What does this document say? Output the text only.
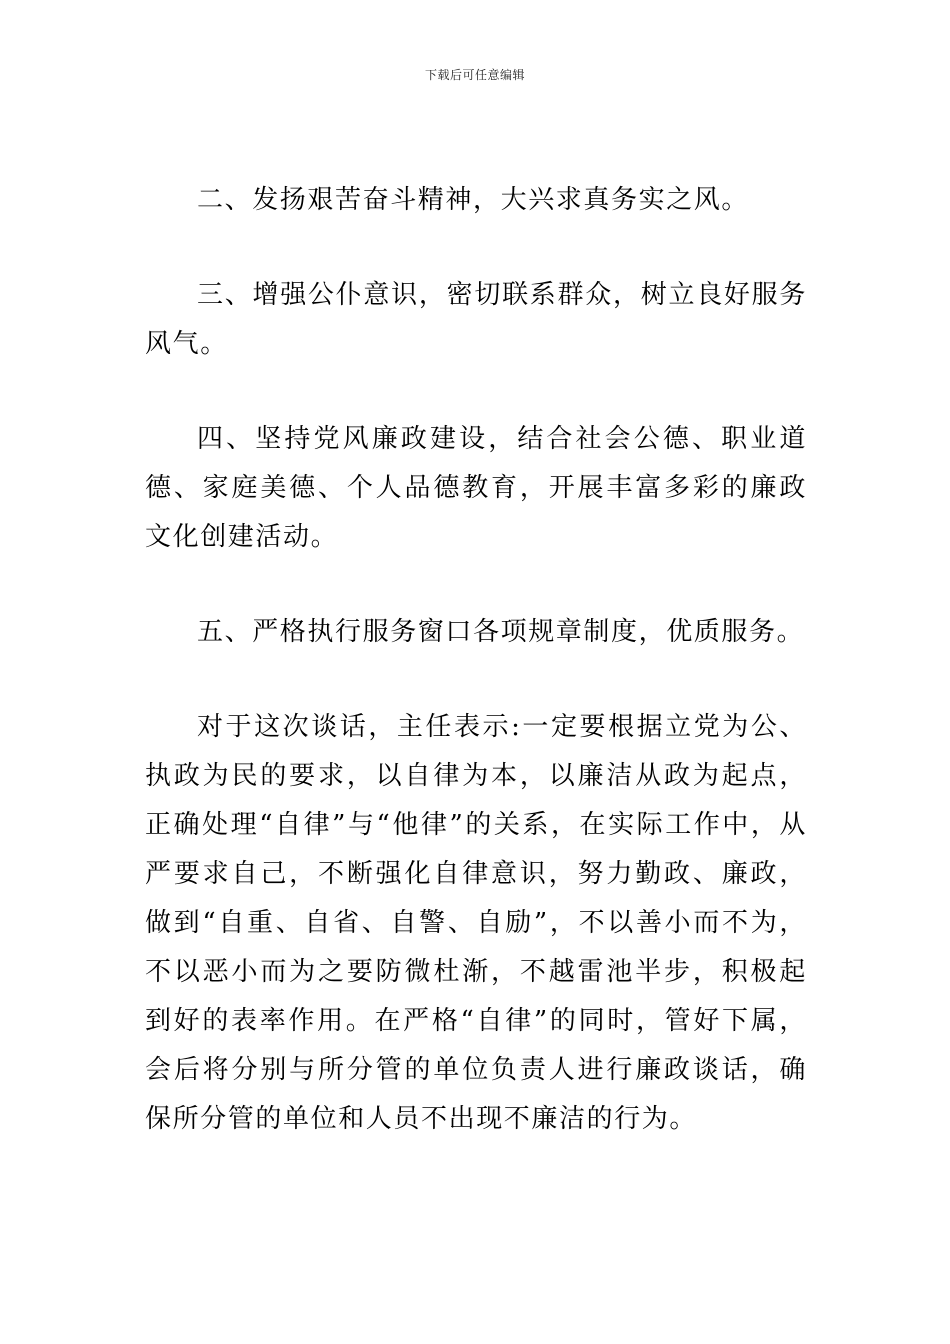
下载后可任意编辑

二、发扬艰苦奋斗精神，大兴求真务实之风。

三、增强公仆意识，密切联系群众，树立良好服务风气。

四、坚持党风廉政建设，结合社会公德、职业道德、家庭美德、个人品德教育，开展丰富多彩的廉政文化创建活动。

五、严格执行服务窗口各项规章制度，优质服务。

对于这次谈话，主任表示:一定要根据立党为公、执政为民的要求，以自律为本，以廉洁从政为起点，正确处理“自律”与“他律”的关系，在实际工作中，从严要求自己，不断强化自律意识，努力勤政、廉政，做到“自重、自省、自警、自励”，不以善小而不为，不以恶小而为之要防微杜渐，不越雷池半步，积极起到好的表率作用。在严格“自律”的同时，管好下属，会后将分别与所分管的单位负责人进行廉政谈话，确保所分管的单位和人员不出现不廉洁的行为。
